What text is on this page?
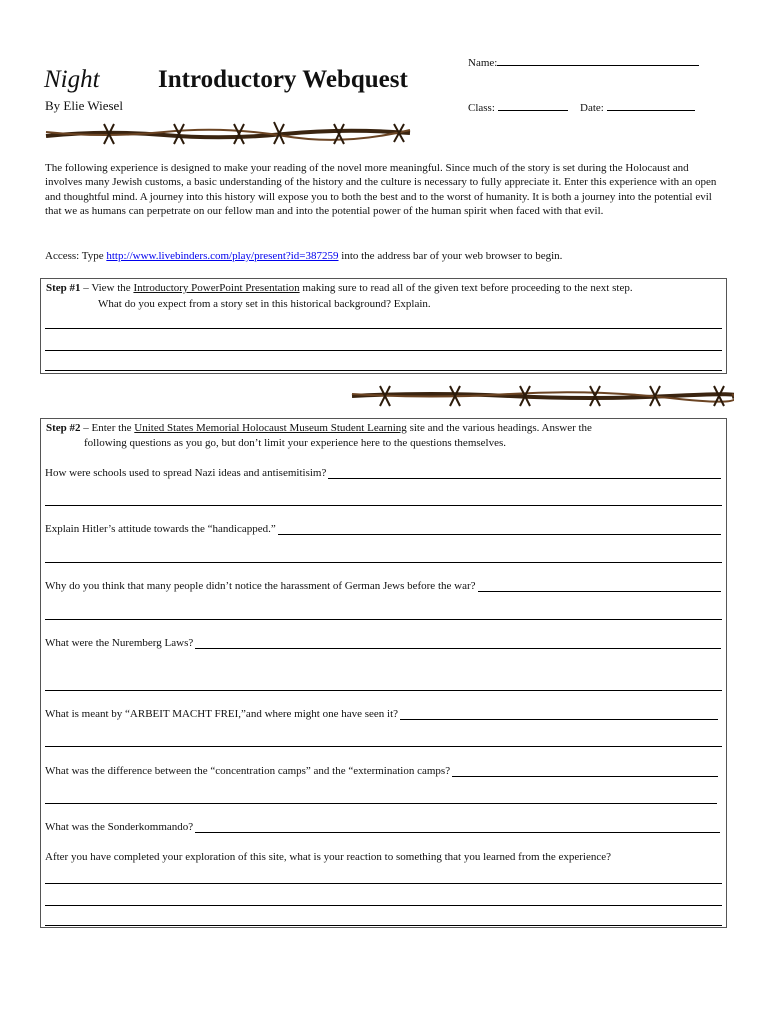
Night Introductory Webquest
By Elie Wiesel
Name:
Class:	Date:
The following experience is designed to make your reading of the novel more meaningful. Since much of the story is set during the Holocaust and involves many Jewish customs, a basic understanding of the history and the culture is necessary to fully appreciate it. Enter this experience with an open and thoughtful mind. A journey into this history will expose you to both the best and to the worst of humanity. It is both a journey into the potential evil that we as humans can perpetrate on our fellow man and into the potential power of the human spirit when faced with that evil.
Access: Type http://www.livebinders.com/play/present?id=387259 into the address bar of your web browser to begin.
Step #1 – View the Introductory PowerPoint Presentation making sure to read all of the given text before proceeding to the next step.
What do you expect from a story set in this historical background? Explain.
Step #2 – Enter the United States Memorial Holocaust Museum Student Learning site and the various headings. Answer the
following questions as you go, but don’t limit your experience here to the questions themselves.
How were schools used to spread Nazi ideas and antisemitisim?
Explain Hitler’s attitude towards the “handicapped.”
Why do you think that many people didn’t notice the harassment of German Jews before the war?
What were the Nuremberg Laws?
What is meant by “ARBEIT MACHT FREI,”and where might one have seen it?
What was the difference between the “concentration camps” and the “extermination camps?
What was the Sonderkommando?
After you have completed your exploration of this site, what is your reaction to something that you learned from the experience?
